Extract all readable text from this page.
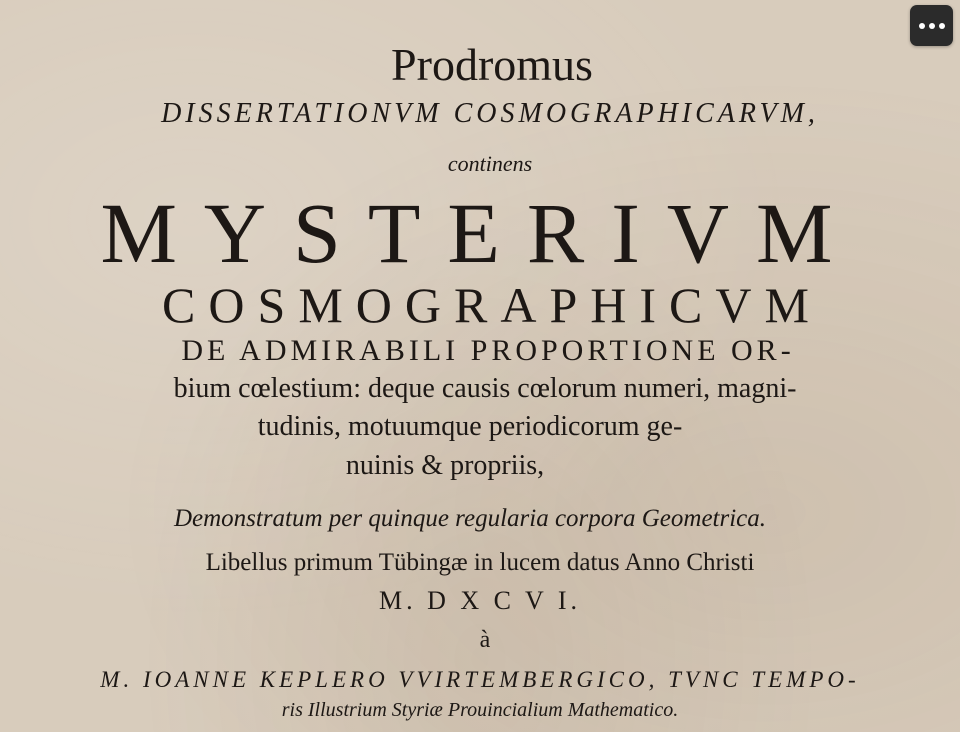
Prodromus
DISSERTATIONVM COSMOGRAPHICARVM,
continens
MYSTERIVM
COSMOGRAPHICVM
DE ADMIRABILI PROPORTIONE OR-
bium cœlestium: deque causis cœlorum numeri, magni-
tudinis, motuumque periodicorum ge-
nuinis & propriis,
Demonstratum per quinque regularia corpora Geometrica.
Libellus primum Tübingæ in lucem datus Anno Christi
M. D X C V I.
à
M. IOANNE KEPLERO VVIRTEMBERGICO, TVNC TEMPO-
ris Illustrium Styriæ Prouincialium Mathematico.
